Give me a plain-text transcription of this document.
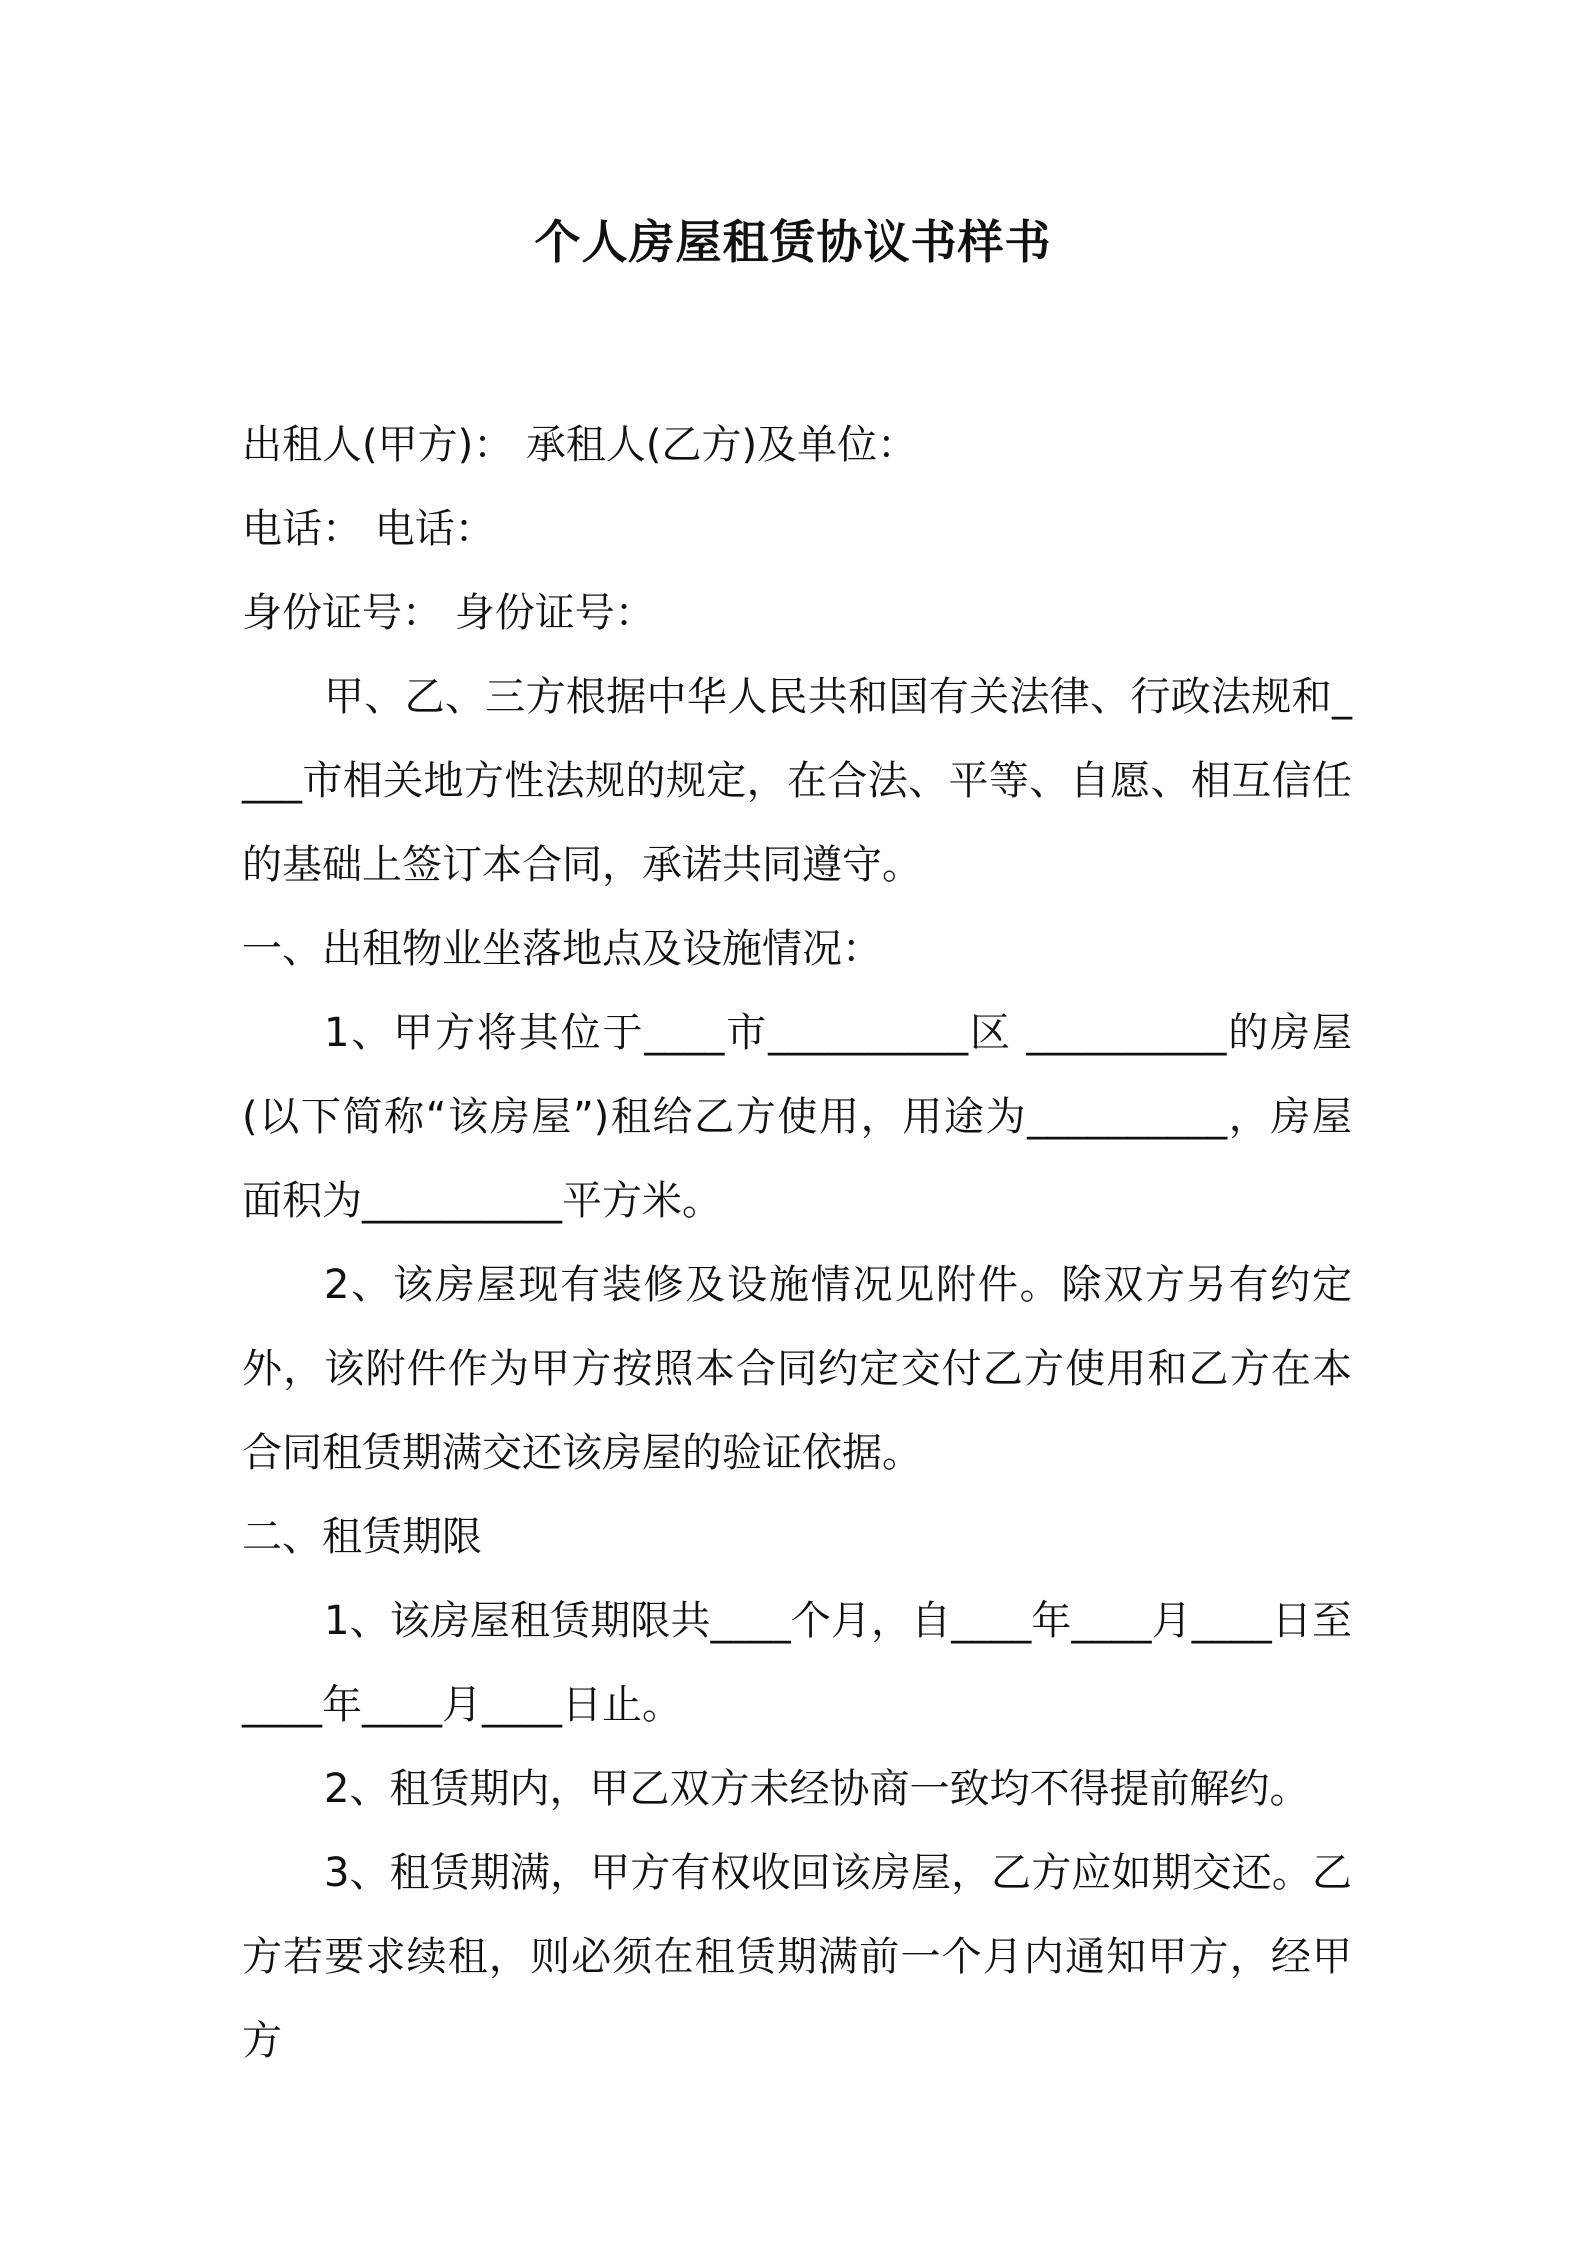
个人房屋租赁协议书样书

出租人(甲方)： 承租人(乙方)及单位：

电话： 电话：

身份证号： 身份证号：

甲、乙、三方根据中华人民共和国有关法律、行政法规和____市相关地方性法规的规定，在合法、平等、自愿、相互信任的基础上签订本合同，承诺共同遵守。

一、出租物业坐落地点及设施情况：

1、甲方将其位于____市__________区 __________的房屋(以下简称“该房屋”)租给乙方使用，用途为__________，房屋面积为__________平方米。

2、该房屋现有装修及设施情况见附件。除双方另有约定外，该附件作为甲方按照本合同约定交付乙方使用和乙方在本合同租赁期满交还该房屋的验证依据。

二、租赁期限

1、该房屋租赁期限共____个月，自____年____月____日至____年____月____日止。

2、租赁期内，甲乙双方未经协商一致均不得提前解约。

3、租赁期满，甲方有权收回该房屋，乙方应如期交还。乙方若要求续租，则必须在租赁期满前一个月内通知甲方，经甲方
